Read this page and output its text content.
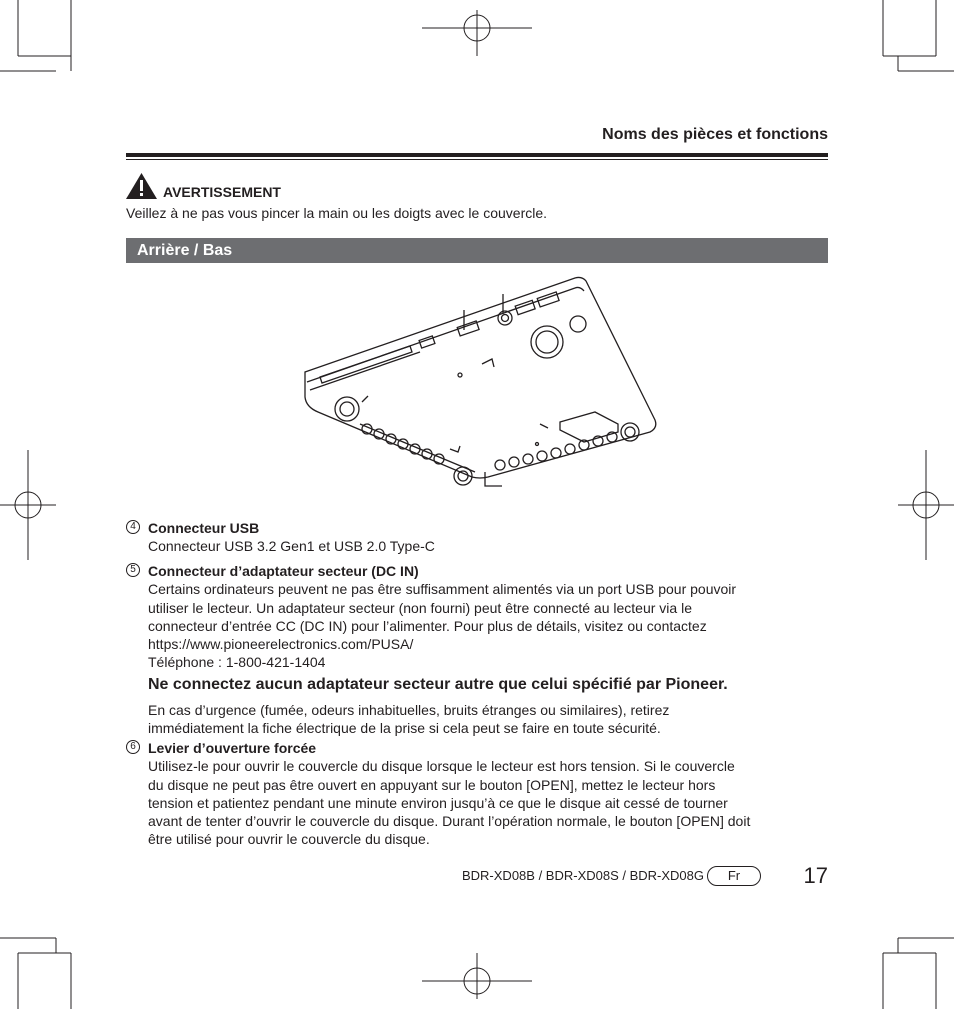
Noms des pièces et fonctions
AVERTISSEMENT
Veillez à ne pas vous pincer la main ou les doigts avec le couvercle.
Arrière / Bas
4 Connecteur USB
Connecteur USB 3.2 Gen1 et USB 2.0 Type-C
5 Connecteur d’adaptateur secteur (DC IN)
Certains ordinateurs peuvent ne pas être suffisamment alimentés via un port USB pour pouvoir
utiliser le lecteur. Un adaptateur secteur (non fourni) peut être connecté au lecteur via le
connecteur d’entrée CC (DC IN) pour l’alimenter. Pour plus de détails, visitez ou contactez
https://www.pioneerelectronics.com/PUSA/
Téléphone : 1-800-421-1404
Ne connectez aucun adaptateur secteur autre que celui spécifié par Pioneer.
En cas d’urgence (fumée, odeurs inhabituelles, bruits étranges ou similaires), retirez
immédiatement la fiche électrique de la prise si cela peut se faire en toute sécurité.
6 Levier d’ouverture forcée
Utilisez-le pour ouvrir le couvercle du disque lorsque le lecteur est hors tension. Si le couvercle
du disque ne peut pas être ouvert en appuyant sur le bouton [OPEN], mettez le lecteur hors
tension et patientez pendant une minute environ jusqu’à ce que le disque ait cessé de tourner
avant de tenter d’ouvrir le couvercle du disque. Durant l’opération normale, le bouton [OPEN] doit
être utilisé pour ouvrir le couvercle du disque.
BDR-XD08B / BDR-XD08S / BDR-XD08G	Fr	17
